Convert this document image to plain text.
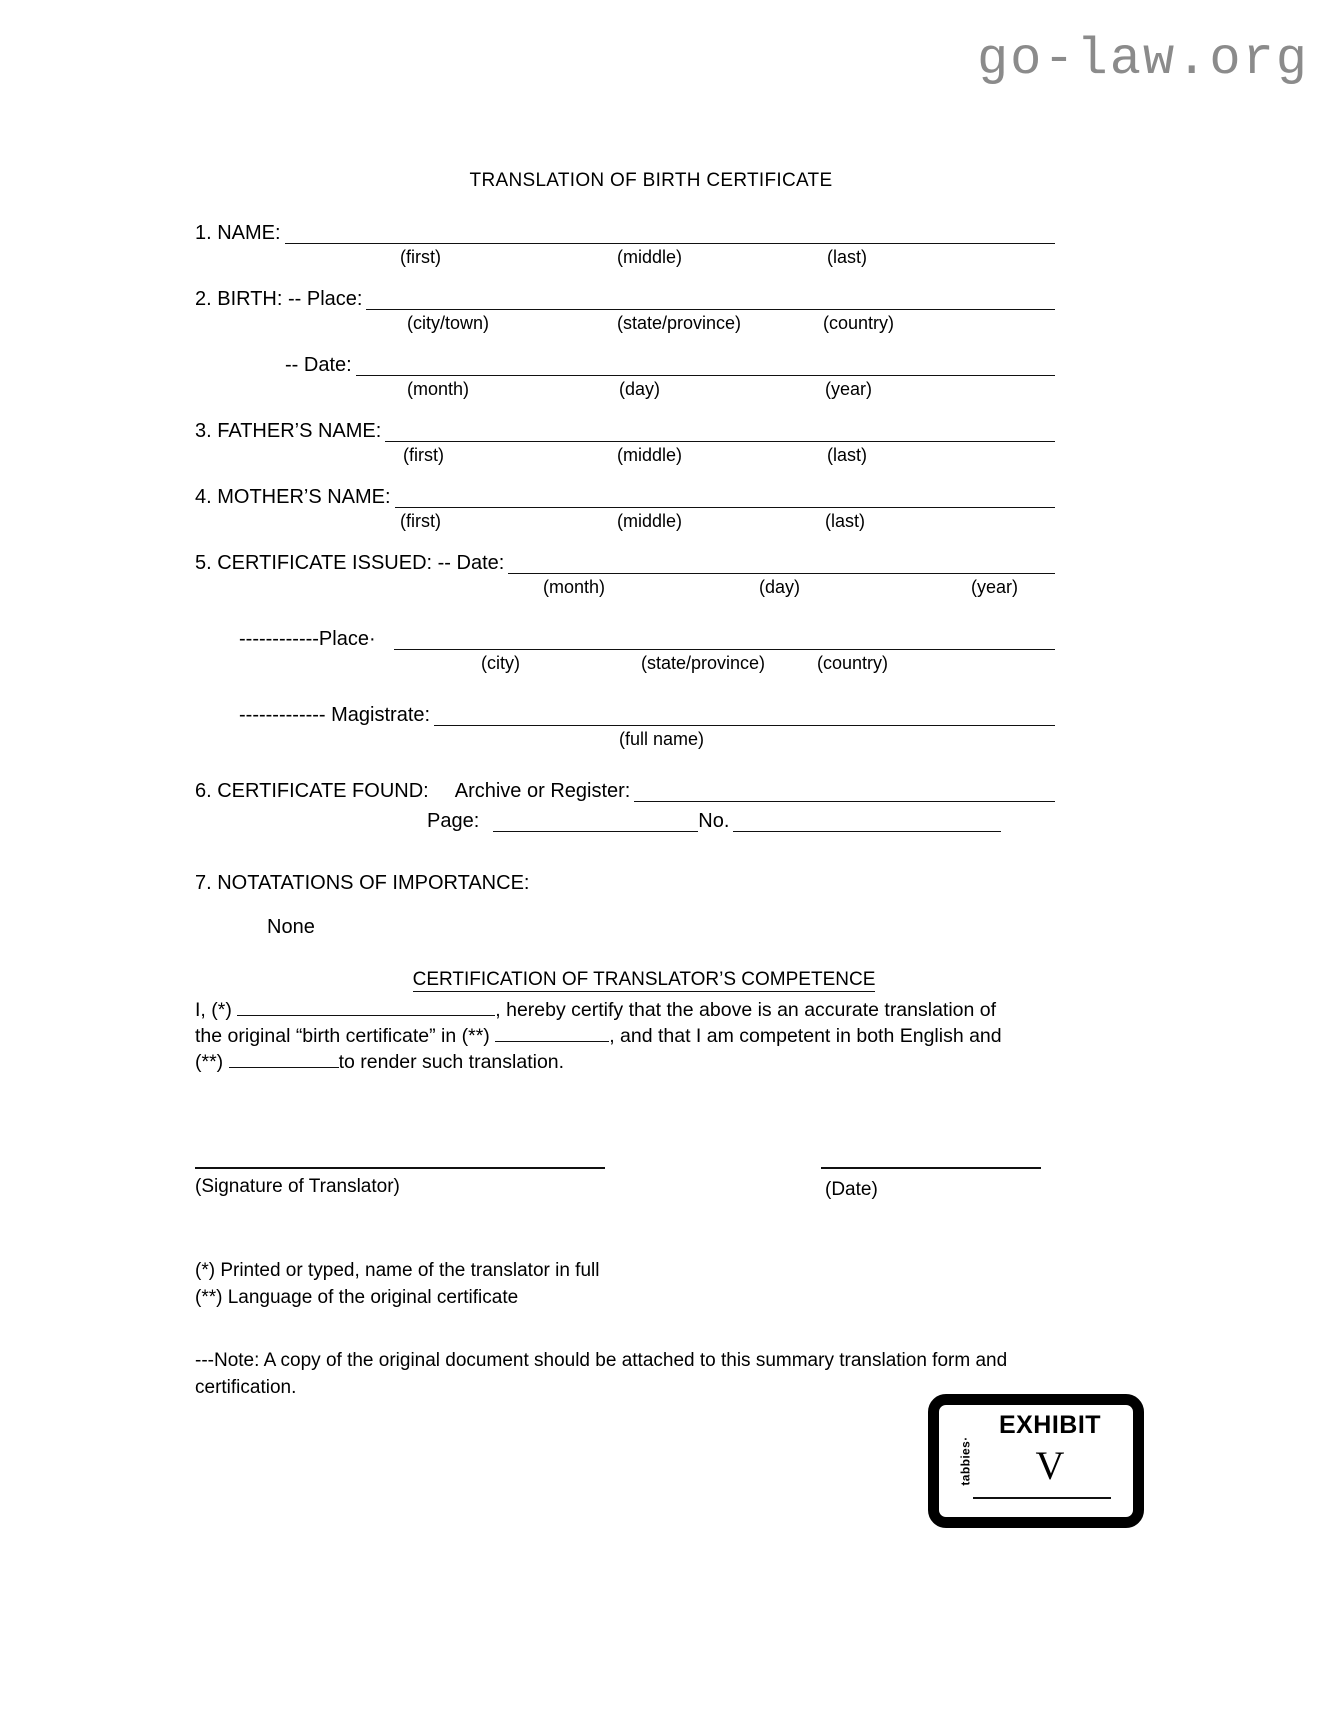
go-law.org
TRANSLATION OF BIRTH CERTIFICATE
1. NAME:
(first)	(middle)	(last)
2. BIRTH: -- Place:
(city/town)	(state/province)	(country)
-- Date:
(month)	(day)	(year)
3. FATHER’S NAME:
(first)	(middle)	(last)
4. MOTHER’S NAME:
(first)	(middle)	(last)
5. CERTIFICATE ISSUED: -- Date:
(month)	(day)	(year)
------------Place·
(city)	(state/province)	(country)
------------- Magistrate:
(full name)
6. CERTIFICATE FOUND:	Archive or Register:
Page:	No.
7. NOTATATIONS OF IMPORTANCE:
None
CERTIFICATION OF TRANSLATOR’S COMPETENCE
I, (*)	, hereby certify that the above is an accurate translation of
the original “birth certificate” in (**)	, and that I am competent in both English and
(**)	to render such translation.
(Signature of Translator)	(Date)
(*) Printed or typed, name of the translator in full
(**) Language of the original certificate
---Note: A copy of the original document should be attached to this summary translation form and certification.
tabbies·
EXHIBIT
V
